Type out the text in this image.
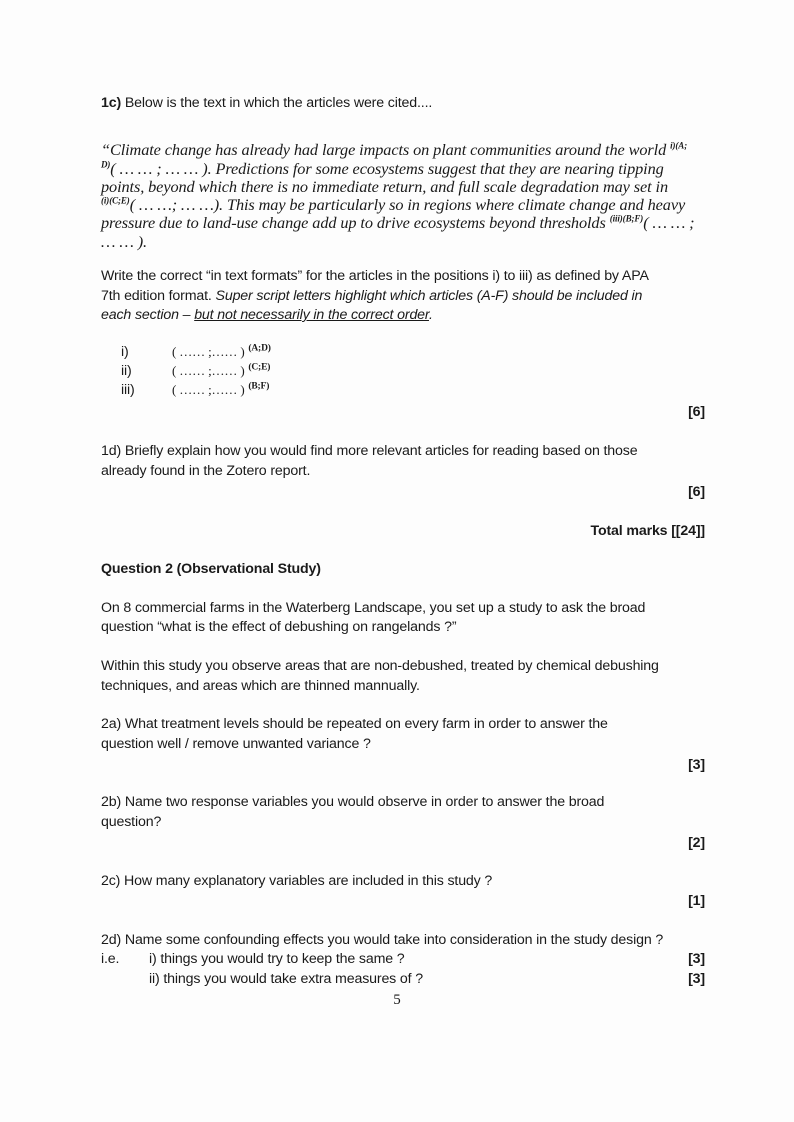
1c) Below is the text in which the articles were cited....
“Climate change has already had large impacts on plant communities around the world $^{i)(A;}$
$^{D)}$( … … ; … … ). Predictions for some ecosystems suggest that they are nearing tipping
points, beyond which there is no immediate return, and full scale degradation may set in
$^{(i)(C;E)}$( … …; … …). This may be particularly so in regions where climate change and heavy
pressure due to land-use change add up to drive ecosystems beyond thresholds $^{(iii)(B;F)}$( … … ;
… … ).
Write the correct “in text formats” for the articles in the positions i) to iii) as defined by APA
7th edition format. Super script letters highlight which articles (A-F) should be included in
each section – but not necessarily in the correct order.
i)	( …… ;…… ) $^{(A;D)}$
ii)	( …… ;…… ) $^{(C;E)}$
iii)	( …… ;…… ) $^{(B;F)}$
[6]
1d) Briefly explain how you would find more relevant articles for reading based on those
already found in the Zotero report.
[6]
Total marks [[24]]
Question 2 (Observational Study)
On 8 commercial farms in the Waterberg Landscape, you set up a study to ask the broad
question “what is the effect of debushing on rangelands ?”
Within this study you observe areas that are non-debushed, treated by chemical debushing
techniques, and areas which are thinned mannually.
2a) What treatment levels should be repeated on every farm in order to answer the
question well / remove unwanted variance ?
[3]
2b) Name two response variables you would observe in order to answer the broad
question?
[2]
2c) How many explanatory variables are included in this study ?
[1]
2d) Name some confounding effects you would take into consideration in the study design ?
i.e. i) things you would try to keep the same ?	[3]
ii) things you would take extra measures of ?	[3]
5
